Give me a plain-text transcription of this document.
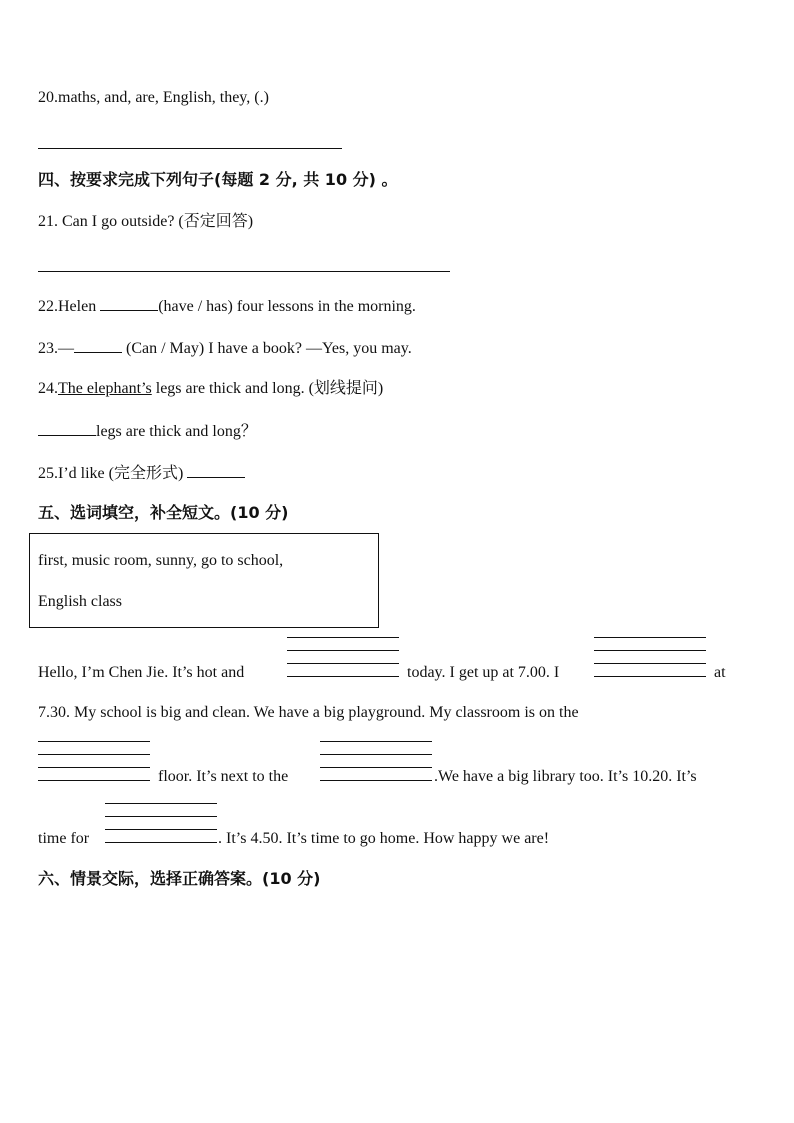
20.maths, and, are, English, they, (.)
四、按要求完成下列句子(每题 2 分, 共 10 分) 。
21. Can I go outside? (否定回答)
22.Helen	(have / has) four lessons in the morning.
23.—	(Can / May) I have a book? —Yes, you may.
24.The elephant’s legs are thick and long. (划线提问)
legs are thick and long？
25.I’d like (完全形式)
五、选词填空，补全短文。(10 分)
first, music room, sunny, go to school,
English class
Hello, I’m Chen Jie. It’s hot and	today. I get up at 7.00. I	at
7.30. My school is big and clean. We have a big playground. My classroom is on the
floor. It’s next to the	.We have a big library too. It’s 10.20. It’s
time for	. It’s 4.50. It’s time to go home. How happy we are!
六、情景交际，选择正确答案。(10 分)
